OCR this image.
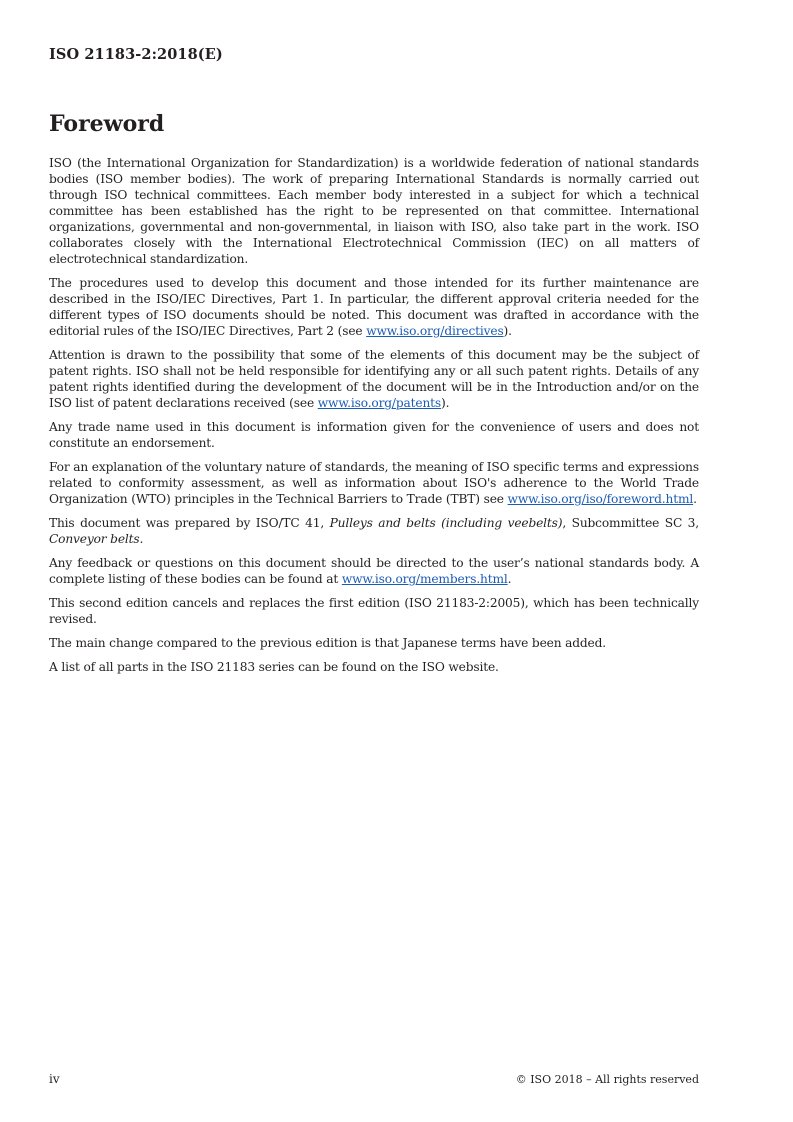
ISO 21183-2:2018(E)
Foreword

ISO (the International Organization for Standardization) is a worldwide federation of national standards bodies (ISO member bodies). The work of preparing International Standards is normally carried out through ISO technical committees. Each member body interested in a subject for which a technical committee has been established has the right to be represented on that committee. International organizations, governmental and non-governmental, in liaison with ISO, also take part in the work. ISO collaborates closely with the International Electrotechnical Commission (IEC) on all matters of electrotechnical standardization.

The procedures used to develop this document and those intended for its further maintenance are described in the ISO/IEC Directives, Part 1. In particular, the different approval criteria needed for the different types of ISO documents should be noted. This document was drafted in accordance with the editorial rules of the ISO/IEC Directives, Part 2 (see www.iso.org/directives).

Attention is drawn to the possibility that some of the elements of this document may be the subject of patent rights. ISO shall not be held responsible for identifying any or all such patent rights. Details of any patent rights identified during the development of the document will be in the Introduction and/or on the ISO list of patent declarations received (see www.iso.org/patents).

Any trade name used in this document is information given for the convenience of users and does not constitute an endorsement.

For an explanation of the voluntary nature of standards, the meaning of ISO specific terms and expressions related to conformity assessment, as well as information about ISO's adherence to the World Trade Organization (WTO) principles in the Technical Barriers to Trade (TBT) see www.iso.org/iso/foreword.html.

This document was prepared by ISO/TC 41, Pulleys and belts (including veebelts), Subcommittee SC 3, Conveyor belts.

Any feedback or questions on this document should be directed to the user’s national standards body. A complete listing of these bodies can be found at www.iso.org/members.html.

This second edition cancels and replaces the first edition (ISO 21183-2:2005), which has been technically revised.

The main change compared to the previous edition is that Japanese terms have been added.

A list of all parts in the ISO 21183 series can be found on the ISO website.

iv	© ISO 2018 – All rights reserved
